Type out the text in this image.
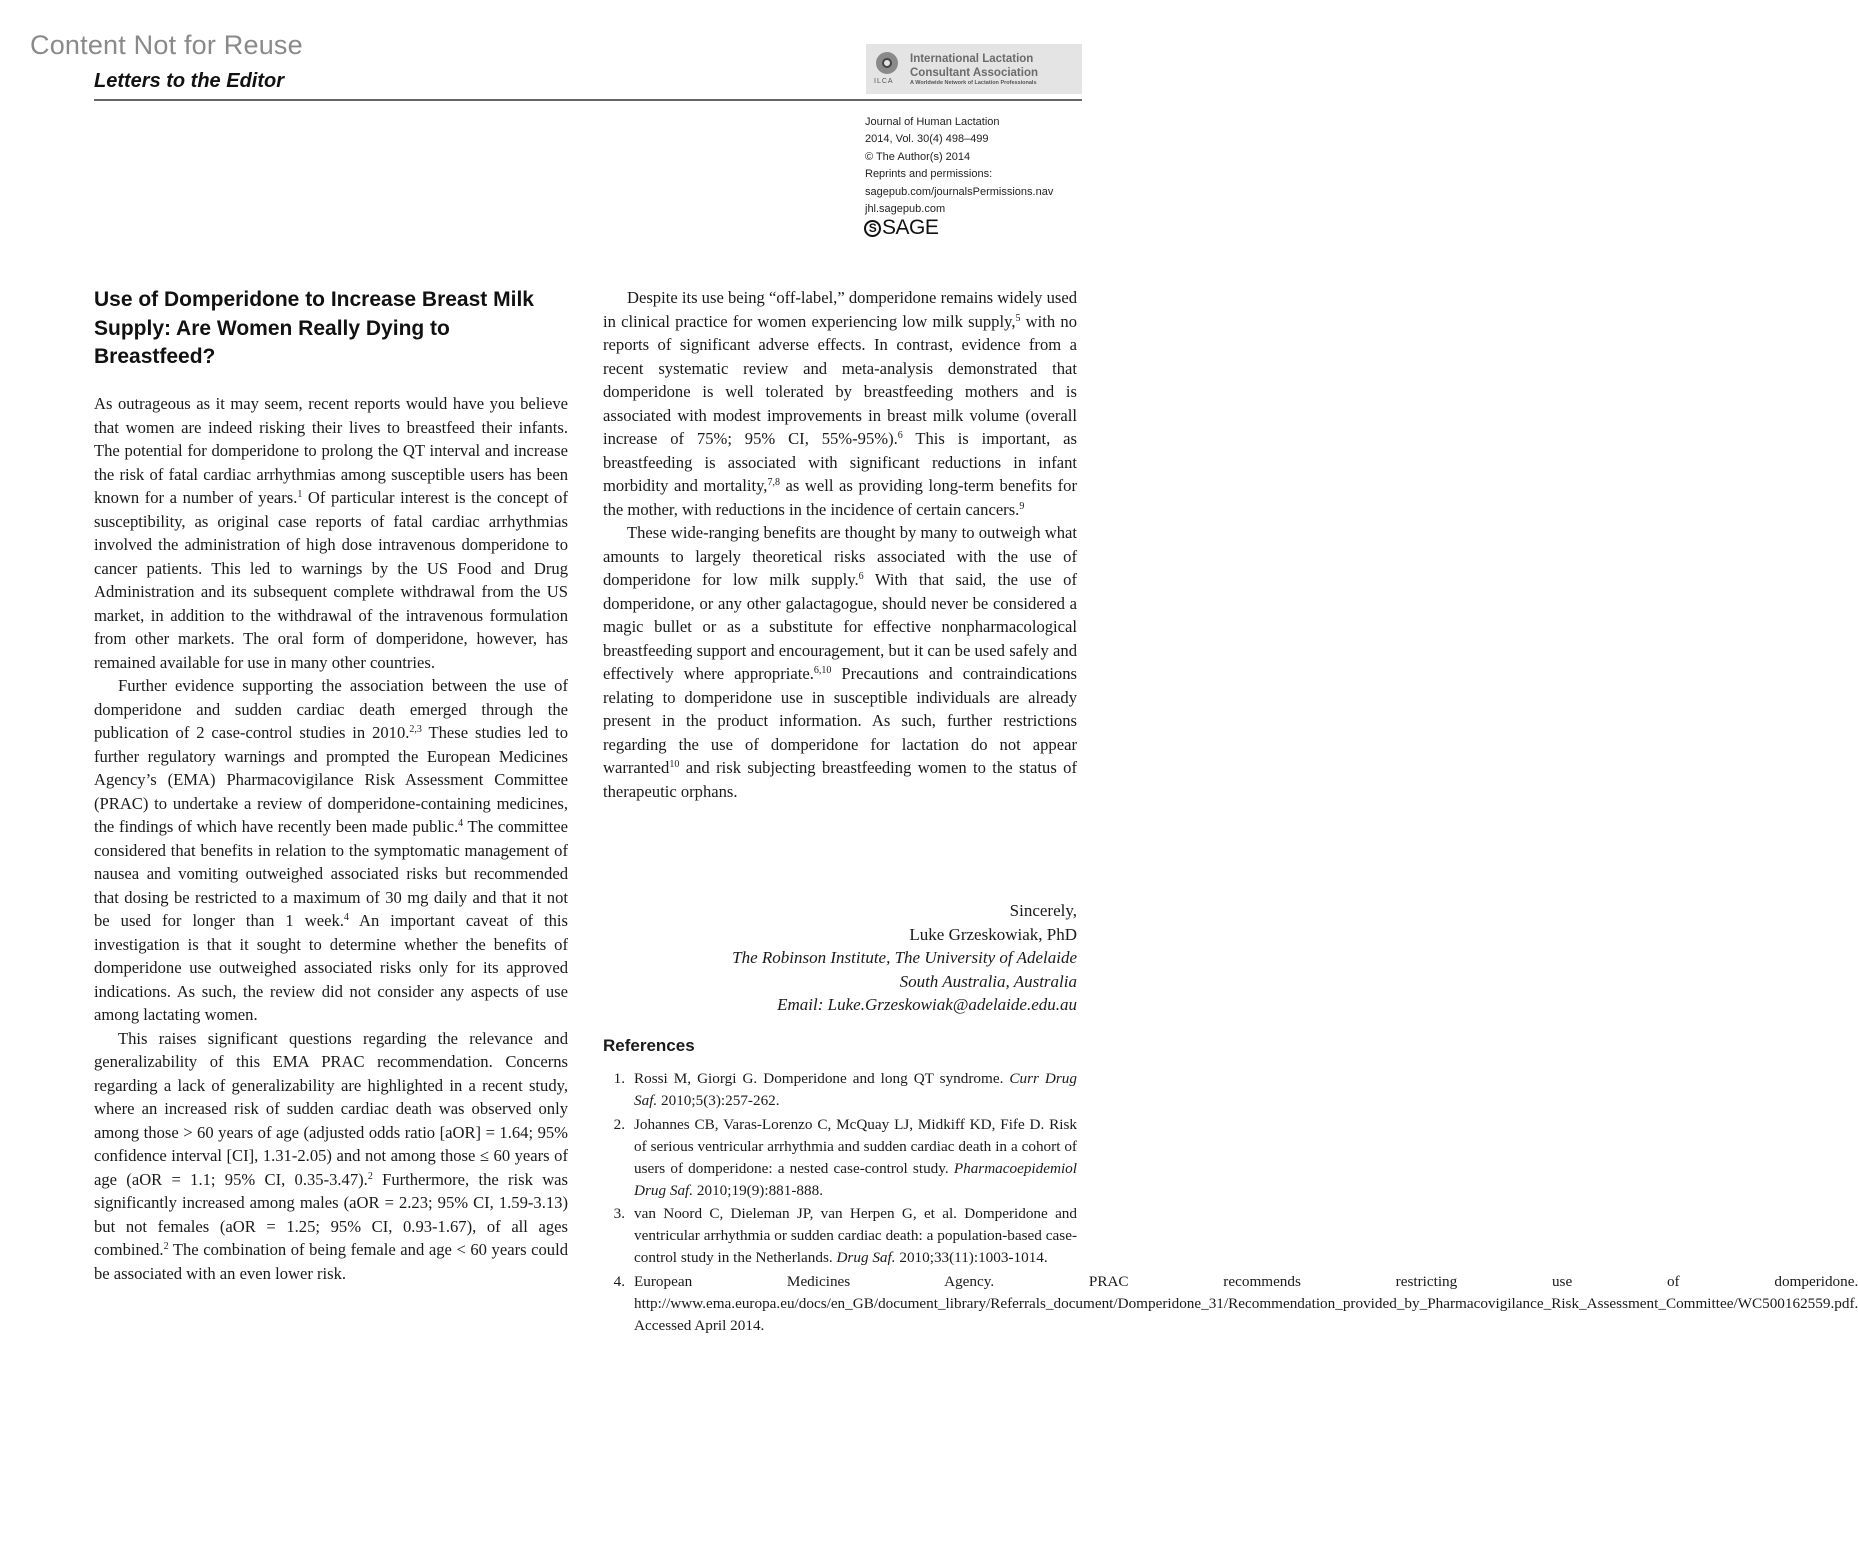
Content Not for Reuse
Letters to the Editor	ILCA
International Lactation
Consultant Association
A Worldwide Network of Lactation Professionals
Journal of Human Lactation
2014, Vol. 30(4) 498–499
© The Author(s) 2014
Reprints and permissions:
sagepub.com/journalsPermissions.nav
jhl.sagepub.com
S SAGE
Use of Domperidone to Increase Breast Milk Supply: Are Women Really Dying to Breastfeed?

As outrageous as it may seem, recent reports would have you believe that women are indeed risking their lives to breastfeed their infants. The potential for domperidone to prolong the QT interval and increase the risk of fatal cardiac arrhythmias among susceptible users has been known for a number of years.$^1$ Of particular interest is the concept of susceptibility, as original case reports of fatal cardiac arrhythmias involved the administration of high dose intravenous domperidone to cancer patients. This led to warnings by the US Food and Drug Administration and its subsequent complete withdrawal from the US market, in addition to the withdrawal of the intravenous formulation from other markets. The oral form of domperidone, however, has remained available for use in many other countries.

Further evidence supporting the association between the use of domperidone and sudden cardiac death emerged through the publication of 2 case-control studies in 2010.$^{2,3}$ These studies led to further regulatory warnings and prompted the European Medicines Agency’s (EMA) Pharmacovigilance Risk Assessment Committee (PRAC) to undertake a review of domperidone-containing medicines, the findings of which have recently been made public.$^4$ The committee considered that benefits in relation to the symptomatic management of nausea and vomiting outweighed associated risks but recommended that dosing be restricted to a maximum of 30 mg daily and that it not be used for longer than 1 week.$^4$ An important caveat of this investigation is that it sought to determine whether the benefits of domperidone use outweighed associated risks only for its approved indications. As such, the review did not consider any aspects of use among lactating women.

This raises significant questions regarding the relevance and generalizability of this EMA PRAC recommendation. Concerns regarding a lack of generalizability are highlighted in a recent study, where an increased risk of sudden cardiac death was observed only among those > 60 years of age (adjusted odds ratio [aOR] = 1.64; 95% confidence interval [CI], 1.31-2.05) and not among those ≤ 60 years of age (aOR = 1.1; 95% CI, 0.35-3.47).$^2$ Furthermore, the risk was significantly increased among males (aOR = 2.23; 95% CI, 1.59-3.13) but not females (aOR = 1.25; 95% CI, 0.93-1.67), of all ages combined.$^2$ The combination of being female and age < 60 years could be associated with an even lower risk.

Despite its use being “off-label,” domperidone remains widely used in clinical practice for women experiencing low milk supply,$^5$ with no reports of significant adverse effects. In contrast, evidence from a recent systematic review and meta-analysis demonstrated that domperidone is well tolerated by breastfeeding mothers and is associated with modest improvements in breast milk volume (overall increase of 75%; 95% CI, 55%-95%).$^6$ This is important, as breastfeeding is associated with significant reductions in infant morbidity and mortality,$^{7,8}$ as well as providing long-term benefits for the mother, with reductions in the incidence of certain cancers.$^9$

These wide-ranging benefits are thought by many to outweigh what amounts to largely theoretical risks associated with the use of domperidone for low milk supply.$^6$ With that said, the use of domperidone, or any other galactagogue, should never be considered a magic bullet or as a substitute for effective nonpharmacological breastfeeding support and encouragement, but it can be used safely and effectively where appropriate.$^{6,10}$ Precautions and contraindications relating to domperidone use in susceptible individuals are already present in the product information. As such, further restrictions regarding the use of domperidone for lactation do not appear warranted$^{10}$ and risk subjecting breastfeeding women to the status of therapeutic orphans.

Sincerely,
Luke Grzeskowiak, PhD
The Robinson Institute, The University of Adelaide
South Australia, Australia
Email: Luke.Grzeskowiak@adelaide.edu.au
References
1. Rossi M, Giorgi G. Domperidone and long QT syndrome. Curr Drug Saf. 2010;5(3):257-262.
2. Johannes CB, Varas-Lorenzo C, McQuay LJ, Midkiff KD, Fife D. Risk of serious ventricular arrhythmia and sudden cardiac death in a cohort of users of domperidone: a nested case-control study. Pharmacoepidemiol Drug Saf. 2010;19(9):881-888.
3. van Noord C, Dieleman JP, van Herpen G, et al. Domperidone and ventricular arrhythmia or sudden cardiac death: a population-based case-control study in the Netherlands. Drug Saf. 2010;33(11):1003-1014.
4. European Medicines Agency. PRAC recommends restricting use of domperidone. http://www.ema.europa.eu/docs/en_GB/document_library/Referrals_document/Domperidone_31/Recommendation_provided_by_Pharmacovigilance_Risk_Assessment_Committee/WC500162559.pdf. Accessed April 2014.
